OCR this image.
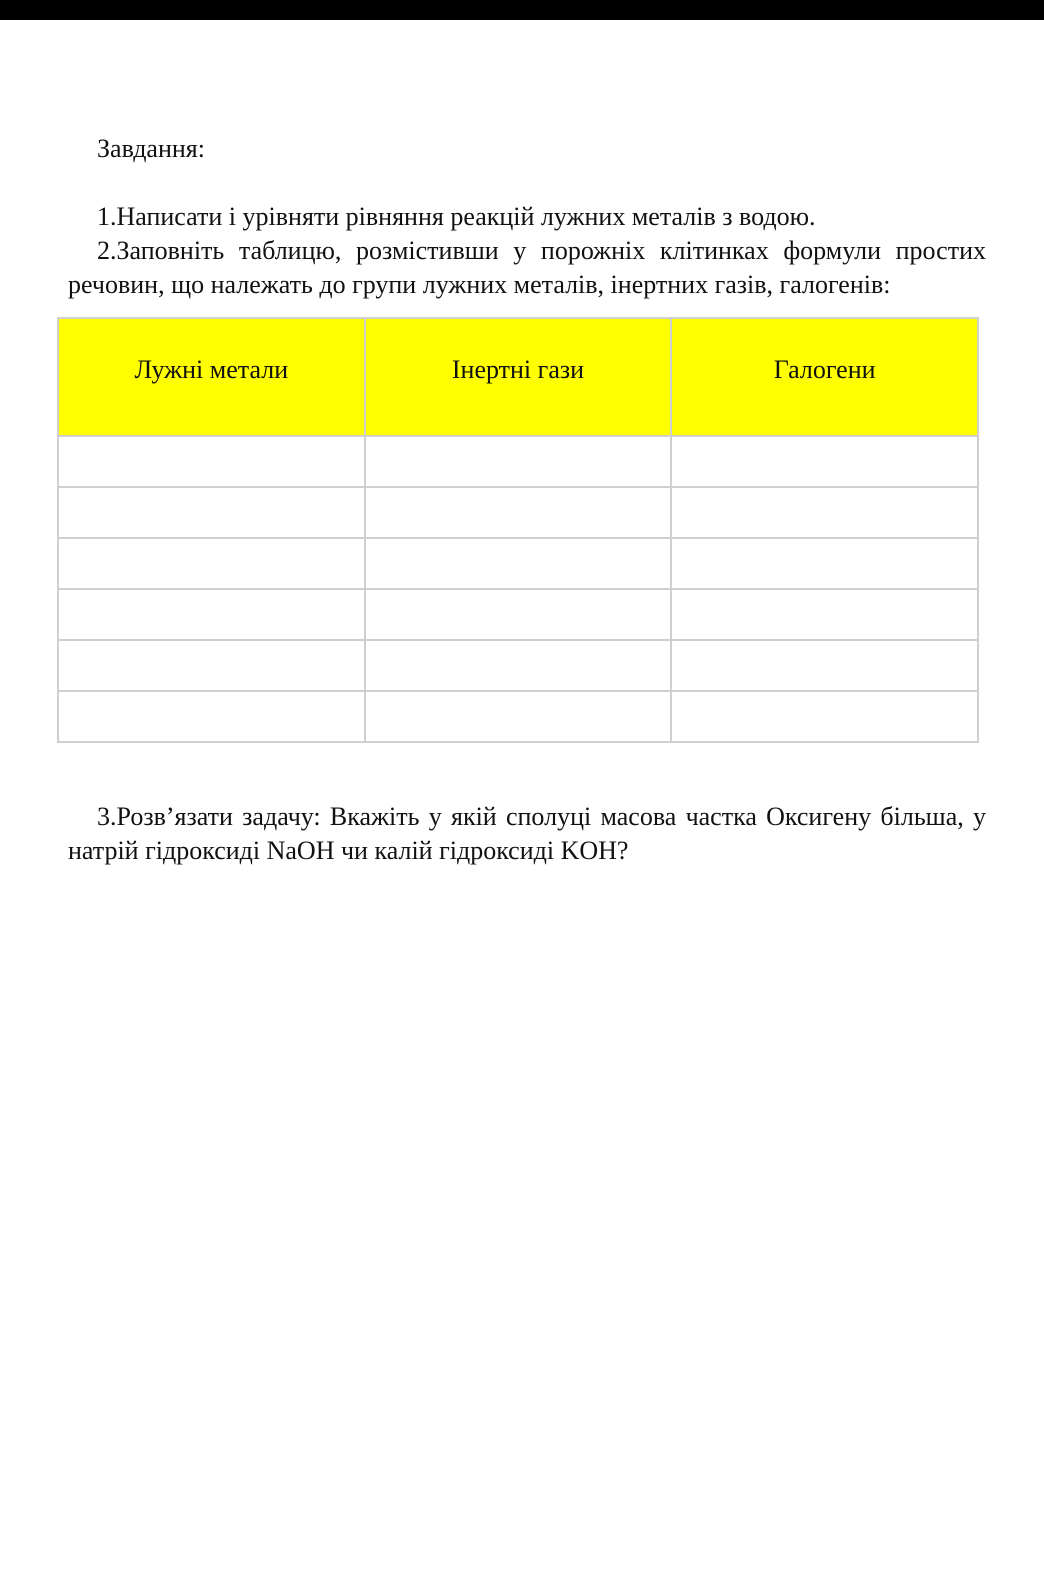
Завдання:

1.Написати і урівняти рівняння реакцій лужних металів з водою.

2.Заповніть таблицю, розмістивши у порожніх клітинках формули простих речовин, що належать до групи лужних металів, інертних газів, галогенів:

Лужні метали	Інертні гази	Галогени

3.Розв’язати задачу: Вкажіть у якій сполуці масова частка Оксигену більша, у натрій гідроксиді NaOH чи калій гідроксиді KOH?
